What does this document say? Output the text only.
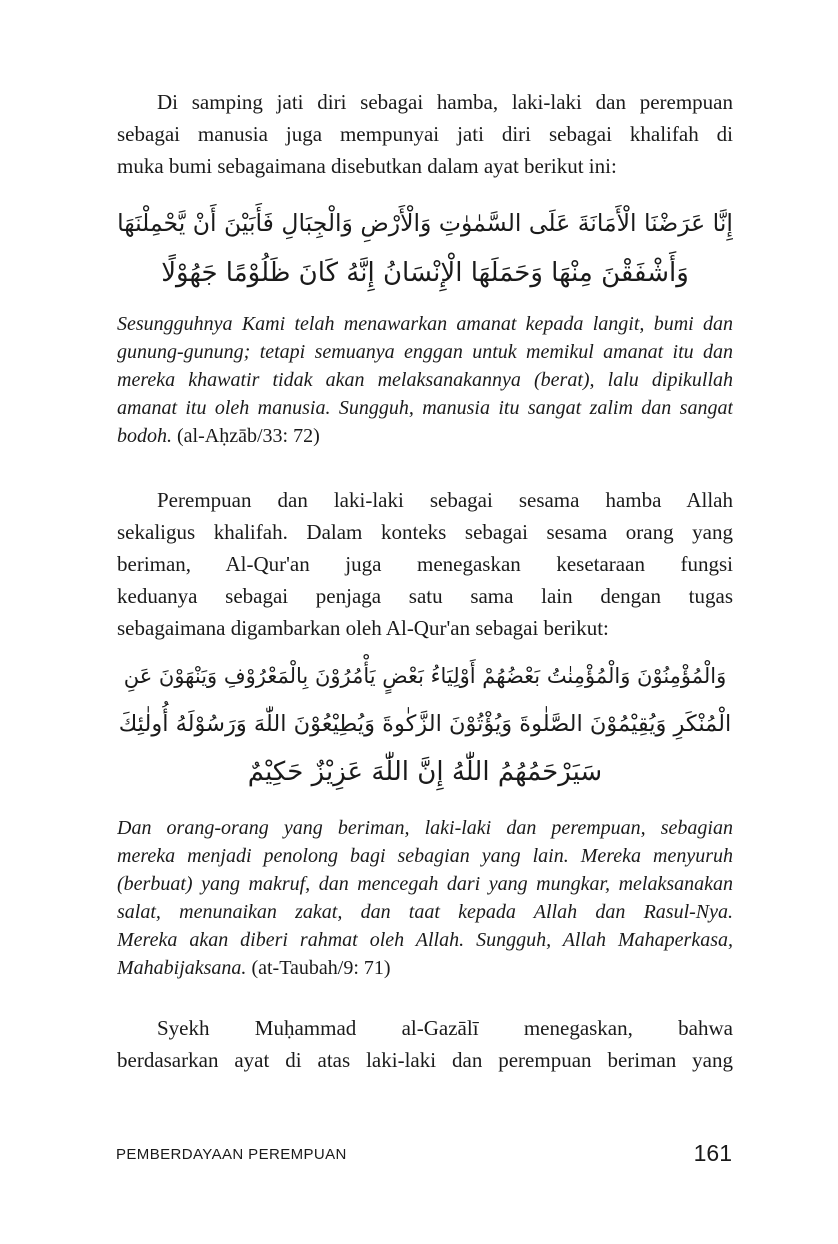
Di samping jati diri sebagai hamba, laki-laki dan perempuan
sebagai manusia juga mempunyai jati diri sebagai khalifah di
muka bumi sebagaimana disebutkan dalam ayat berikut ini:
إِنَّا عَرَضْنَا الْأَمَانَةَ عَلَى السَّمٰوٰتِ وَالْأَرْضِ وَالْجِبَالِ فَأَبَيْنَ أَنْ يَّحْمِلْنَهَا
وَأَشْفَقْنَ مِنْهَا وَحَمَلَهَا الْإِنْسَانُ إِنَّهُ كَانَ ظَلُوْمًا جَهُوْلًا
Sesungguhnya Kami telah menawarkan amanat kepada langit, bumi dan
gunung-gunung; tetapi semuanya enggan untuk memikul amanat itu dan
mereka khawatir tidak akan melaksanakannya (berat), lalu dipikullah
amanat itu oleh manusia. Sungguh, manusia itu sangat zalim dan sangat
bodoh. (al-Aḥzāb/33: 72)
Perempuan dan laki-laki sebagai sesama hamba Allah
sekaligus khalifah. Dalam konteks sebagai sesama orang yang
beriman, Al-Qur'an juga menegaskan kesetaraan fungsi
keduanya sebagai penjaga satu sama lain dengan tugas
sebagaimana digambarkan oleh Al-Qur'an sebagai berikut:
وَالْمُؤْمِنُوْنَ وَالْمُؤْمِنٰتُ بَعْضُهُمْ أَوْلِيَاءُ بَعْضٍ يَأْمُرُوْنَ بِالْمَعْرُوْفِ وَيَنْهَوْنَ عَنِ
الْمُنْكَرِ وَيُقِيْمُوْنَ الصَّلٰوةَ وَيُؤْتُوْنَ الزَّكٰوةَ وَيُطِيْعُوْنَ اللّٰهَ وَرَسُوْلَهُ أُولٰئِكَ
سَيَرْحَمُهُمُ اللّٰهُ إِنَّ اللّٰهَ عَزِيْزٌ حَكِيْمٌ
Dan orang-orang yang beriman, laki-laki dan perempuan, sebagian
mereka menjadi penolong bagi sebagian yang lain. Mereka menyuruh
(berbuat) yang makruf, dan mencegah dari yang mungkar, melaksanakan
salat, menunaikan zakat, dan taat kepada Allah dan Rasul-Nya.
Mereka akan diberi rahmat oleh Allah. Sungguh, Allah Mahaperkasa,
Mahabijaksana. (at-Taubah/9: 71)
Syekh Muḥammad al-Gazālī menegaskan, bahwa
berdasarkan ayat di atas laki-laki dan perempuan beriman yang
PEMBERDAYAAN PEREMPUAN	161
